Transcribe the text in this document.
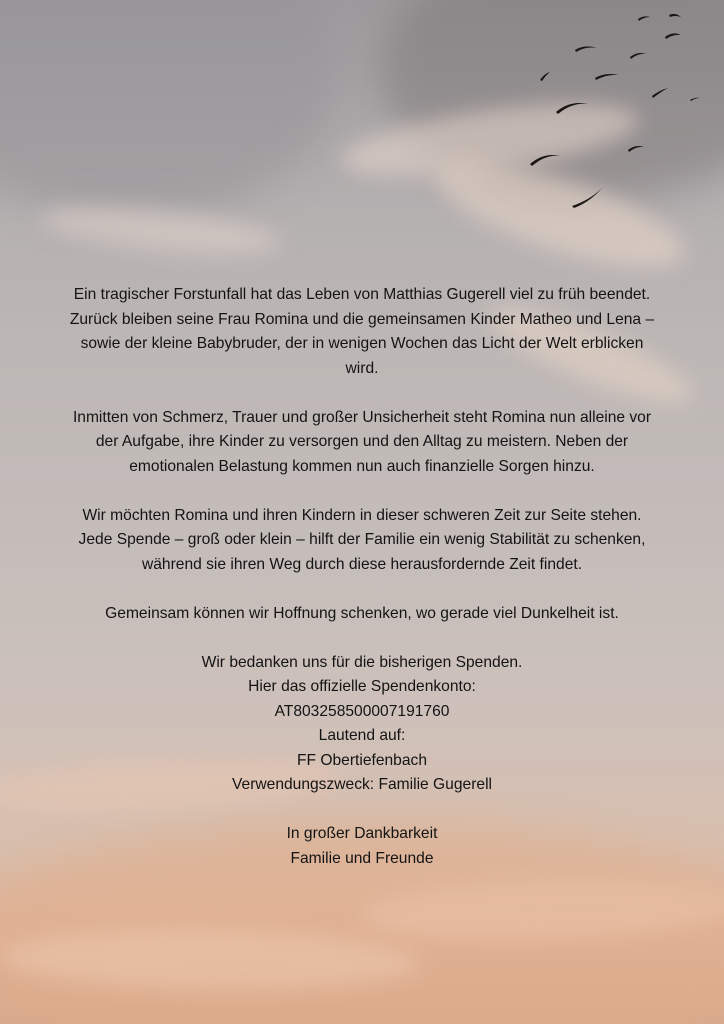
Ein tragischer Forstunfall hat das Leben von Matthias Gugerell viel zu früh beendet.
Zurück bleiben seine Frau Romina und die gemeinsamen Kinder Matheo und Lena –
sowie der kleine Babybruder, der in wenigen Wochen das Licht der Welt erblicken
wird.

Inmitten von Schmerz, Trauer und großer Unsicherheit steht Romina nun alleine vor
der Aufgabe, ihre Kinder zu versorgen und den Alltag zu meistern. Neben der
emotionalen Belastung kommen nun auch finanzielle Sorgen hinzu.

Wir möchten Romina und ihren Kindern in dieser schweren Zeit zur Seite stehen.
Jede Spende – groß oder klein – hilft der Familie ein wenig Stabilität zu schenken,
während sie ihren Weg durch diese herausfordernde Zeit findet.

Gemeinsam können wir Hoffnung schenken, wo gerade viel Dunkelheit ist.

Wir bedanken uns für die bisherigen Spenden.
Hier das offizielle Spendenkonto:
AT803258500007191760
Lautend auf:
FF Obertiefenbach
Verwendungszweck: Familie Gugerell

In großer Dankbarkeit
Familie und Freunde
